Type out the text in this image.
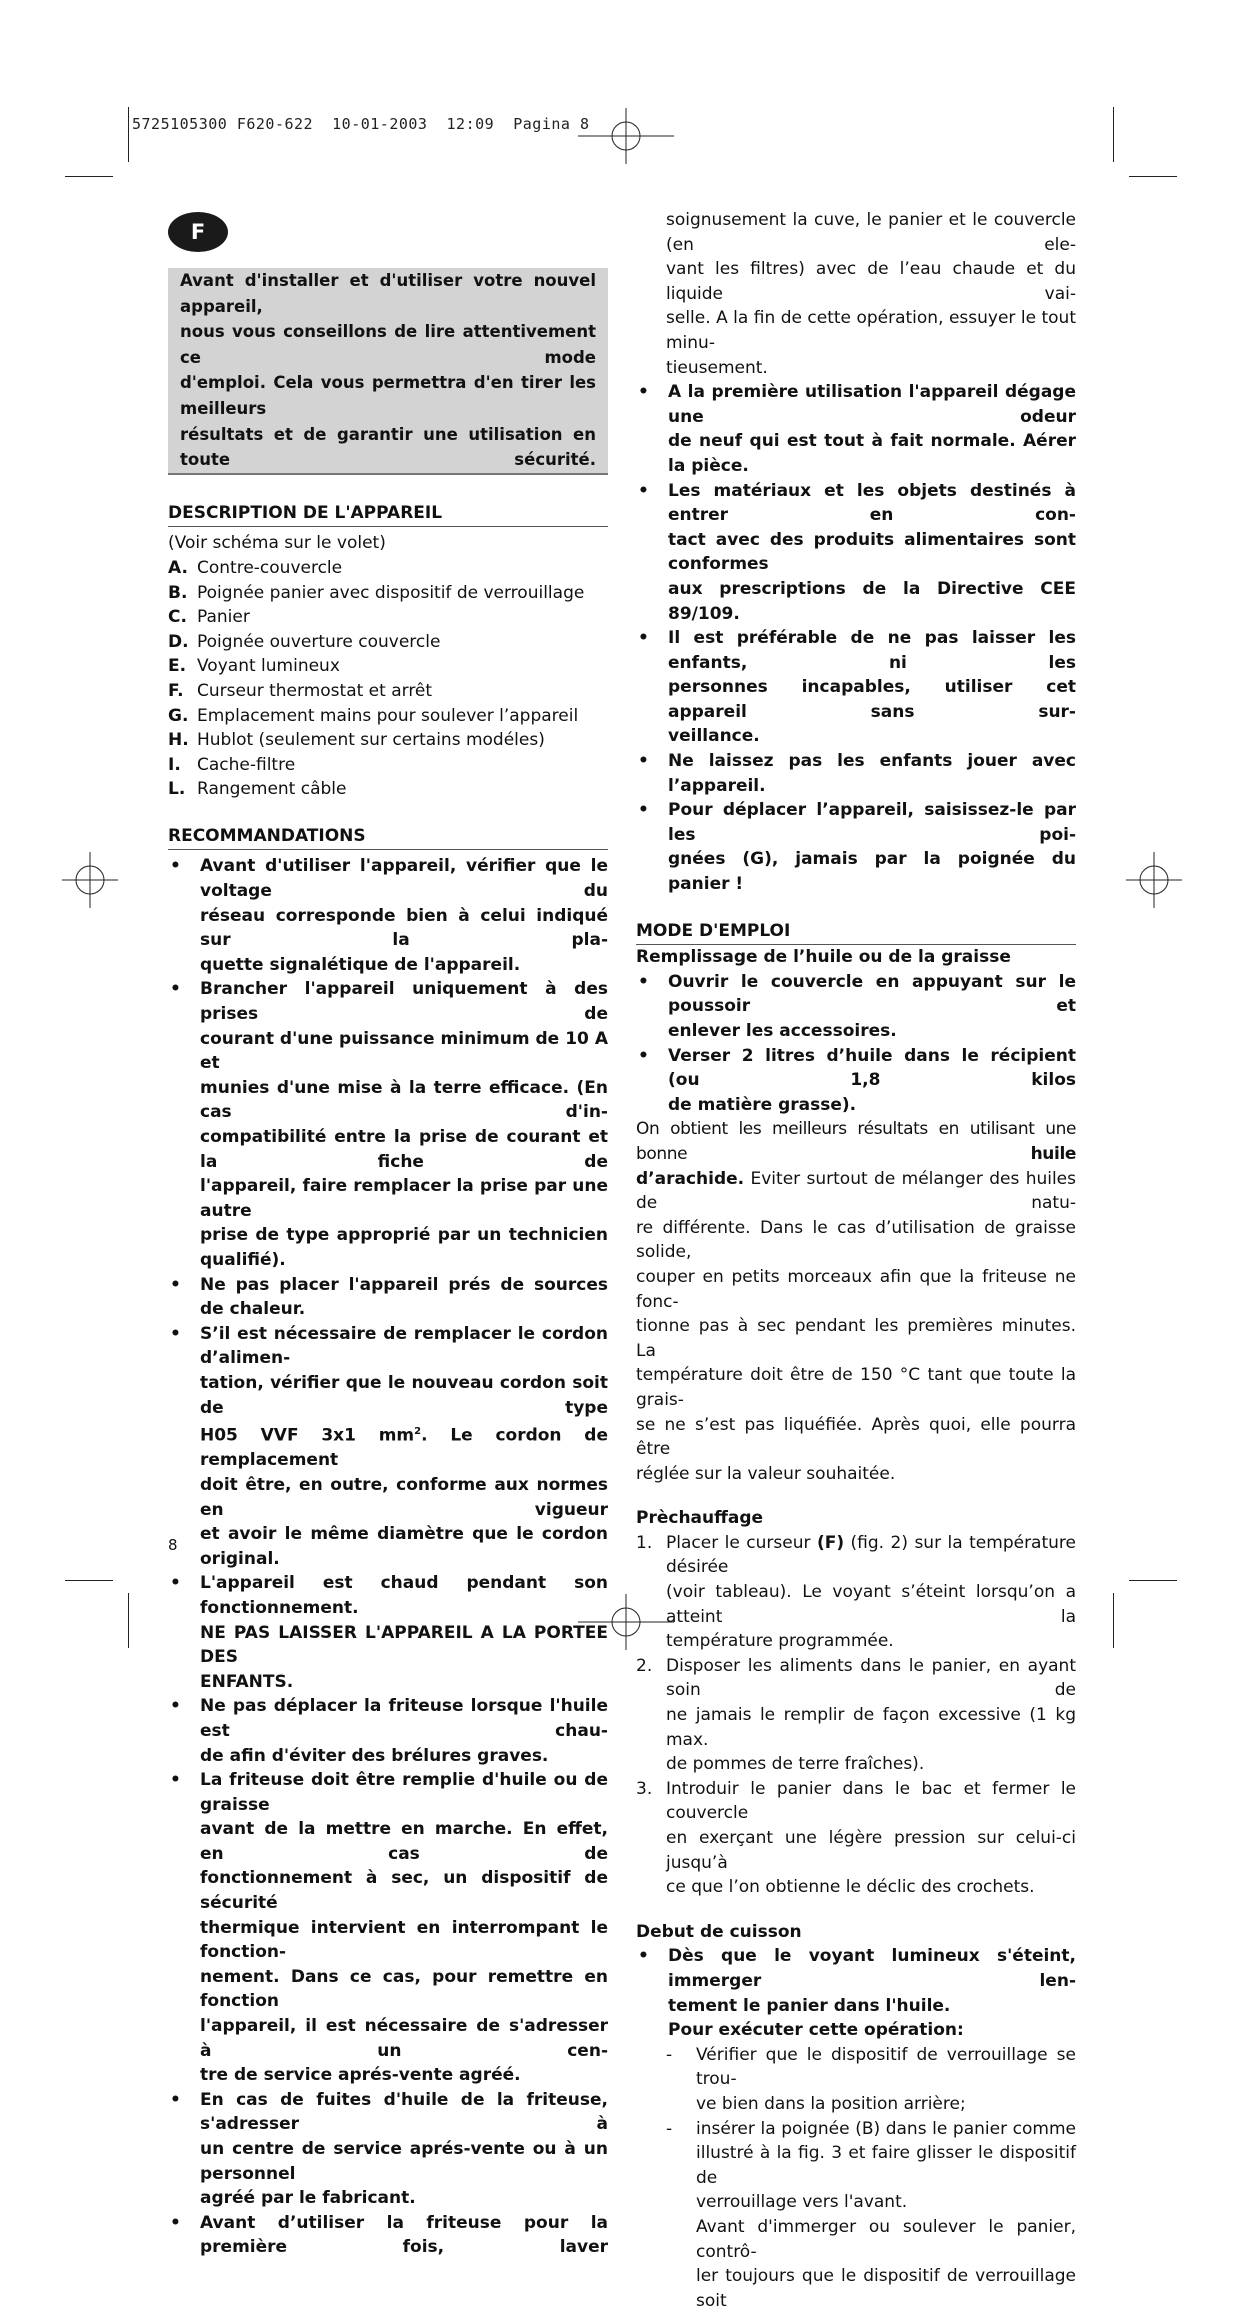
5725105300 F620-622  10-01-2003  12:09  Pagina 8
F
Avant d'installer et d'utiliser votre nouvel appareil,
nous vous conseillons de lire attentivement ce mode
d'emploi. Cela vous permettra d'en tirer les meilleurs
résultats et de garantir une utilisation en toute sécurité.
DESCRIPTION DE L'APPAREIL
(Voir schéma sur le volet)
A. Contre-couvercle
B. Poignée panier avec dispositif de verrouillage
C. Panier
D. Poignée ouverture couvercle
E. Voyant lumineux
F. Curseur thermostat et arrêt
G. Emplacement mains pour soulever l’appareil
H. Hublot (seulement sur certains modéles)
I. Cache-filtre
L. Rangement câble
RECOMMANDATIONS
•	Avant d'utiliser l'appareil, vérifier que le voltage du
réseau corresponde bien à celui indiqué sur la pla-
quette signalétique de l'appareil.
•	Brancher l'appareil uniquement à des prises de
courant d'une puissance minimum de 10 A et
munies d'une mise à la terre efficace. (En cas d'in-
compatibilité entre la prise de courant et la fiche de
l'appareil, faire remplacer la prise par une autre
prise de type approprié par un technicien qualifié).
•	Ne pas placer l'appareil prés de sources de chaleur.
•	S’il est nécessaire de remplacer le cordon d’alimen-
tation, vérifier que le nouveau cordon soit de type
H05 VVF 3x1 $mm^2$. Le cordon de remplacement
doit être, en outre, conforme aux normes en vigueur
et avoir le même diamètre que le cordon original.
•	L'appareil est chaud pendant son fonctionnement.
NE PAS LAISSER L'APPAREIL A LA PORTEE DES
ENFANTS.
•	Ne pas déplacer la friteuse lorsque l'huile est chau-
de afin d'éviter des brélures graves.
•	La friteuse doit être remplie d'huile ou de graisse
avant de la mettre en marche. En effet, en cas de
fonctionnement à sec, un dispositif de sécurité
thermique intervient en interrompant le fonction-
nement. Dans ce cas, pour remettre en fonction
l'appareil, il est nécessaire de s'adresser à un cen-
tre de service aprés-vente agréé.
•	En cas de fuites d'huile de la friteuse, s'adresser à
un centre de service aprés-vente ou à un personnel
agréé par le fabricant.
•	Avant d’utiliser la friteuse pour la première fois, laver
soignusement la cuve, le panier et le couvercle (en ele-
vant les filtres) avec de l’eau chaude et du liquide vai-
selle. A la fin de cette opération, essuyer le tout minu-
tieusement.
•	A la première utilisation l'appareil dégage une odeur
de neuf qui est tout à fait normale. Aérer la pièce.
•	Les matériaux et les objets destinés à entrer en con-
tact avec des produits alimentaires sont conformes
aux prescriptions de la Directive CEE 89/109.
•	Il est préférable de ne pas laisser les enfants, ni les
personnes incapables, utiliser cet appareil sans sur-
veillance.
•	Ne laissez pas les enfants jouer avec l’appareil.
•	Pour déplacer l’appareil, saisissez-le par les poi-
gnées (G), jamais par la poignée du panier !
MODE D'EMPLOI
Remplissage de l’huile ou de la graisse
•	Ouvrir le couvercle en appuyant sur le poussoir et
enlever les accessoires.
•	Verser 2 litres d’huile dans le récipient (ou 1,8 kilos
de matière grasse).
On obtient les meilleurs résultats en utilisant une bonne huile
d’arachide. Eviter surtout de mélanger des huiles de natu-
re différente. Dans le cas d’utilisation de graisse solide,
couper en petits morceaux afin que la friteuse ne fonc-
tionne pas à sec pendant les premières minutes. La
température doit être de 150 °C tant que toute la grais-
se ne s’est pas liquéfiée. Après quoi, elle pourra être
réglée sur la valeur souhaitée.
Prèchauffage
1. Placer le curseur (F) (fig. 2) sur la température désirée
(voir tableau). Le voyant s’éteint lorsqu’on a atteint la
température programmée.
2. Disposer les aliments dans le panier, en ayant soin de
ne jamais le remplir de façon excessive (1 kg max.
de pommes de terre fraîches).
3. Introduir le panier dans le bac et fermer le couvercle
en exerçant une légère pression sur celui-ci jusqu’à
ce que l’on obtienne le déclic des crochets.
Debut de cuisson
•	Dès que le voyant lumineux s'éteint, immerger len-
tement le panier dans l'huile.
Pour exécuter cette opération:
-	Vérifier que le dispositif de verrouillage se trou-
ve bien dans la position arrière;
-	insérer la poignée (B) dans le panier comme
illustré à la fig. 3 et faire glisser le dispositif de
verrouillage vers l'avant.
Avant d'immerger ou soulever le panier, contrô-
ler toujours que le dispositif de verrouillage soit
8
